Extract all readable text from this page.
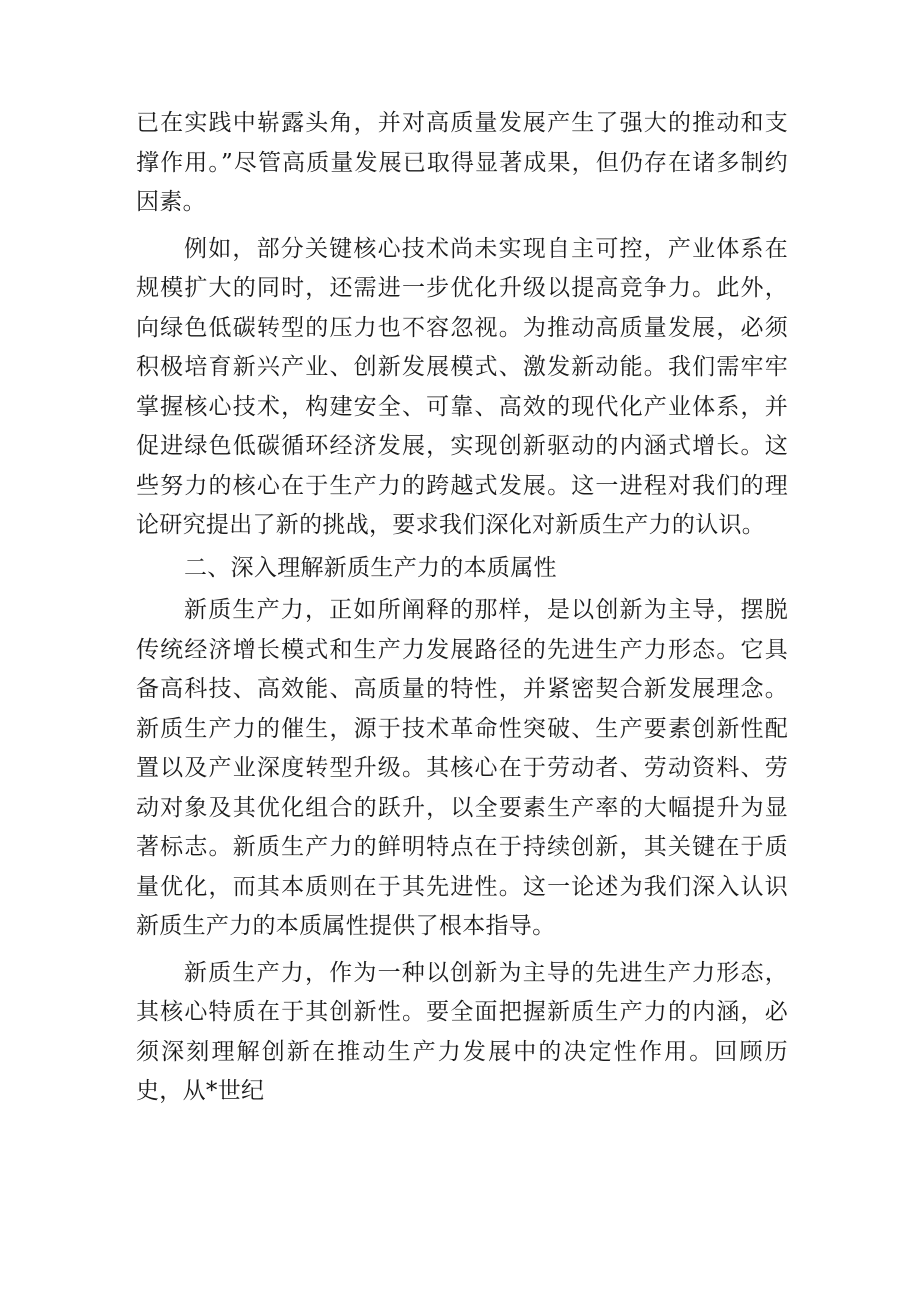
已在实践中崭露头角，并对高质量发展产生了强大的推动和支撑作用。”尽管高质量发展已取得显著成果，但仍存在诸多制约因素。

例如，部分关键核心技术尚未实现自主可控，产业体系在规模扩大的同时，还需进一步优化升级以提高竞争力。此外，向绿色低碳转型的压力也不容忽视。为推动高质量发展，必须积极培育新兴产业、创新发展模式、激发新动能。我们需牢牢掌握核心技术，构建安全、可靠、高效的现代化产业体系，并促进绿色低碳循环经济发展，实现创新驱动的内涵式增长。这些努力的核心在于生产力的跨越式发展。这一进程对我们的理论研究提出了新的挑战，要求我们深化对新质生产力的认识。

二、深入理解新质生产力的本质属性

新质生产力，正如所阐释的那样，是以创新为主导，摆脱传统经济增长模式和生产力发展路径的先进生产力形态。它具备高科技、高效能、高质量的特性，并紧密契合新发展理念。新质生产力的催生，源于技术革命性突破、生产要素创新性配置以及产业深度转型升级。其核心在于劳动者、劳动资料、劳动对象及其优化组合的跃升，以全要素生产率的大幅提升为显著标志。新质生产力的鲜明特点在于持续创新，其关键在于质量优化，而其本质则在于其先进性。这一论述为我们深入认识新质生产力的本质属性提供了根本指导。

新质生产力，作为一种以创新为主导的先进生产力形态，其核心特质在于其创新性。要全面把握新质生产力的内涵，必须深刻理解创新在推动生产力发展中的决定性作用。回顾历史，从*世纪
